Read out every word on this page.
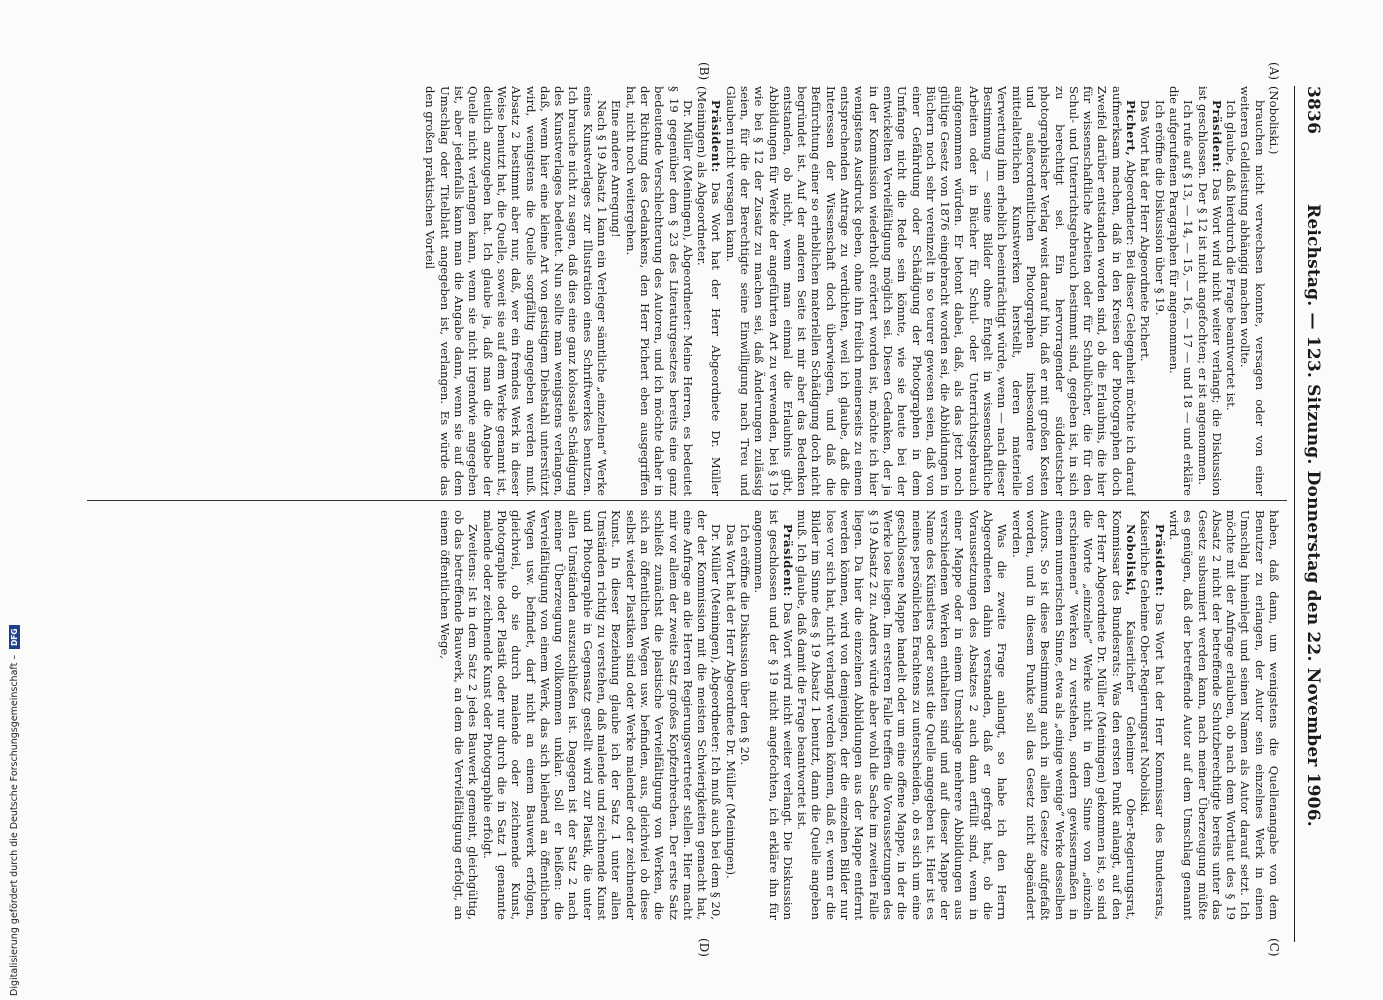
3836
Reichstag. — 123. Sitzung. Donnerstag den 22. November 1906.
(A)
(B)
(C)
(D)

(Noboliski.)

brauchen nicht verwechsen konnte, versagen oder von einer weiteren Geldleistung abhängig machen wollte.

Ich glaube, daß hierdurch die Frage beantwortet ist.

Präsident: Das Wort wird nicht weiter verlangt; die Diskussion ist geschlossen. Der § 12 ist nicht angefochten; er ist angenommen.

Ich rufe auf § 13, — 14, — 15, — 16, — 17 — und 18 — und erkläre die aufgerufenen Paragraphen für angenommen.

Ich eröffne die Diskussion über § 19.

Das Wort hat der Herr Abgeordnete Pichert.

Pichert, Abgeordneter: Bei dieser Gelegenheit möchte ich darauf aufmerksam machen, daß in den Kreisen der Photographen doch Zweifel darüber entstanden worden sind, ob die Erlaubnis, die hier für wissenschaftliche Arbeiten oder für Schulbücher, die für den Schul- und Unterrichtsgebrauch bestimmt sind, gegeben ist, in sich zu berechtigt sei. Ein hervorragender süddeutscher photographischer Verlag weist darauf hin, daß er mit großen Kosten und außerordentlichen Photographen insbesondere von mittelalterlichen Kunstwerken herstellt, deren materielle Verwertung ihm erheblich beeinträchtigt würde, wenn — nach dieser Bestimmung — seine Bilder ohne Entgelt in wissenschaftliche Arbeiten oder in Bücher für Schul- oder Unterrichtsgebrauch aufgenommen würden. Er betont dabei, daß, als das jetzt noch gültige Gesetz von 1876 eingebracht worden sei, die Abbildungen in Büchern noch sehr vereinzelt in so teurer gewesen seien, daß von einer Gefährdung oder Schädigung der Photographen in dem Umfange nicht die Rede sein könnte, wie sie heute bei der entwickelten Vervielfältigung möglich sei. Diesen Gedanken, der ja in der Kommission wiederholt erörtert worden ist, möchte ich hier wenigstens Ausdruck geben, ohne ihn freilich meinerseits zu einem entsprechenden Antrage zu verdichten, weil ich glaube, daß die Interessen der Wissenschaft doch überwiegen, und daß die Befürchtung einer so erheblichen materiellen Schädigung doch nicht begründet ist. Auf der anderen Seite ist mir aber das Bedenken entstanden, ob nicht, wenn man einmal die Erlaubnis gibt, Abbildungen für Werke der angeführten Art zu verwenden, bei § 19 wie bei § 12 der Zusatz zu machen sei, daß Änderungen zulässig seien, für die der Berechtigte seine Einwilligung nach Treu und Glauben nicht versagen kann.

Präsident: Das Wort hat der Herr Abgeordnete Dr. Müller (Meiningen) als Abgeordneter.

Dr. Müller (Meiningen), Abgeordneter: Meine Herren, es bedeutet § 19 gegenüber dem § 23 des Literaturgesetzes bereits eine ganz bedeutende Verschlechterung des Autoren, und ich möchte daher in der Richtung des Gedankens, den Herr Pichert eben ausgegriffen hat, nicht noch weitergehen.

Eine andere Anregung!

Nach § 19 Absatz 1 kann ein Verleger sämtliche „einzelnen“ Werke eines Kunstverlages zur Illustration eines Schriftwerkes benutzen. Ich brauche nicht zu sagen, daß dies eine ganz kolossale Schädigung des Kunstverlages bedeutet. Nun sollte man wenigstens verlangen, daß, wenn hier eine kleine Art von geistigem Diebstahl unterstützt wird, wenigstens die Quelle sorgfältig angegeben werden muß. Absatz 2 bestimmt aber nur, daß, wer ein fremdes Werk in dieser Weise benutzt hat, die Quelle, soweit sie auf dem Werke genannt ist, deutlich anzugeben hat. Ich glaube ja, daß man die Angabe der Quelle nicht verlangen kann, wenn sie nicht irgendwie angegeben ist, aber jedenfalls kann man die Angabe dann, wenn sie auf dem Umschlag oder Titelblatt angegeben ist, verlangen. Es würde das den großen praktischen Vorteil

haben, daß dann, um wenigstens die Quellenangabe von dem Benutzer zu erlangen, der Autor sein einzelnes Werk in einen Umschlag hineinlegt und seinen Namen als Autor darauf setzt. Ich möchte mit der Anfrage erlauben, ob nach dem Wortlaut des § 19 Absatz 2 nicht der betreffende Schutzberechtigte bereits unter das Gesetz subsumiert werden kann, nach meiner Überzeugung müßte es genügen, daß der betreffende Autor auf dem Umschlag genannt wird.

Präsident: Das Wort hat der Herr Kommissar des Bundesrats, Kaiserliche Geheime Ober-Regierungsrat Noboliski.

Noboliski, Kaiserlicher Geheimer Ober-Regierungsrat, Kommissar des Bundesrats: Was den ersten Punkt anlangt, auf den der Herr Abgeordnete Dr. Müller (Meiningen) gekommen ist, so sind die Worte „einzelne“ Werke nicht in dem Sinne von „einzeln erschienenen“ Werken zu verstehen, sondern gewissermaßen in einem numerischen Sinne, etwa als „einige wenige“ Werke desselben Autors. So ist diese Bestimmung auch in allen Gesetze aufgefaßt worden, und in diesem Punkte soll das Gesetz nicht abgeändert werden.

Was die zweite Frage anlangt, so habe ich den Herrn Abgeordneten dahin verstanden, daß er gefragt hat, ob die Voraussetzungen des Absatzes 2 auch dann erfüllt sind, wenn in einer Mappe oder in einem Umschlage mehrere Abbildungen aus verschiedenen Werken enthalten sind und auf dieser Mappe der Name des Künstlers oder sonst die Quelle angegeben ist. Hier ist es meines persönlichen Erachtens zu unterscheiden, ob es sich um eine geschlossene Mappe handelt oder um eine offene Mappe, in der die Werke lose liegen. Im ersteren Falle treffen die Voraussetzungen des § 19 Absatz 2 zu. Anders würde aber wohl die Sache im zweiten Falle liegen. Da hier die einzelnen Abbildungen aus der Mappe entfernt werden können, wird von demjenigen, der die einzelnen Bilder nur lose vor sich hat, nicht verlangt werden können, daß er, wenn er die Bilder im Sinne des § 19 Absatz 1 benutzt, dann die Quelle angeben muß. Ich glaube, daß damit die Frage beantwortet ist.

Präsident: Das Wort wird nicht weiter verlangt. Die Diskussion ist geschlossen und der § 19 nicht angefochten, ich erkläre ihn für angenommen.

Ich eröffne die Diskussion über den § 20.

Das Wort hat der Herr Abgeordnete Dr. Müller (Meiningen).

Dr. Müller (Meiningen), Abgeordneter: Ich muß auch bei dem § 20, der der Kommission mit die meisten Schwierigkeiten gemacht hat, eine Anfrage an die Herren Regierungsvertreter stellen. Hier macht mir vor allem der zweite Satz großes Kopfzerbrechen. Der erste Satz schließt zunächst die plastische Vervielfältigung von Werken, die sich an öffentlichen Wegen usw. befinden, aus, gleichviel ob diese selbst wieder Plastiken sind oder Werke malender oder zeichnender Kunst. In dieser Beziehung glaube ich der Satz 1 unter allen Umständen richtig zu verstehen, daß malende und zeichnende Kunst und Photographie in Gegensatz gestellt wird zur Plastik, die unter allen Umständen auszuschließen ist. Dagegen ist der Satz 2 nach meiner Überzeugung vollkommen unklar. Soll er heißen: die Vervielfältigung von einem Werk, das sich bleibend an öffentlichen Wegen usw. befindet, darf nicht an einem Bauwerk erfolgen, gleichviel, ob sie durch malende oder zeichnende Kunst, Photographie oder Plastik oder nur durch die in Satz 1 genannte malende oder zeichnende Kunst oder Photographie erfolgt.

Zweitens: Ist in dem Satz 2 jedes Bauwerk gemeint, gleichgültig, ob das betreffende Bauwerk, an dem die Vervielfältigung erfolgt, an einem öffentlichen Wege,

Digitalisierung gefördert durch die Deutsche Forschungsgemeinschaft –
DFG
